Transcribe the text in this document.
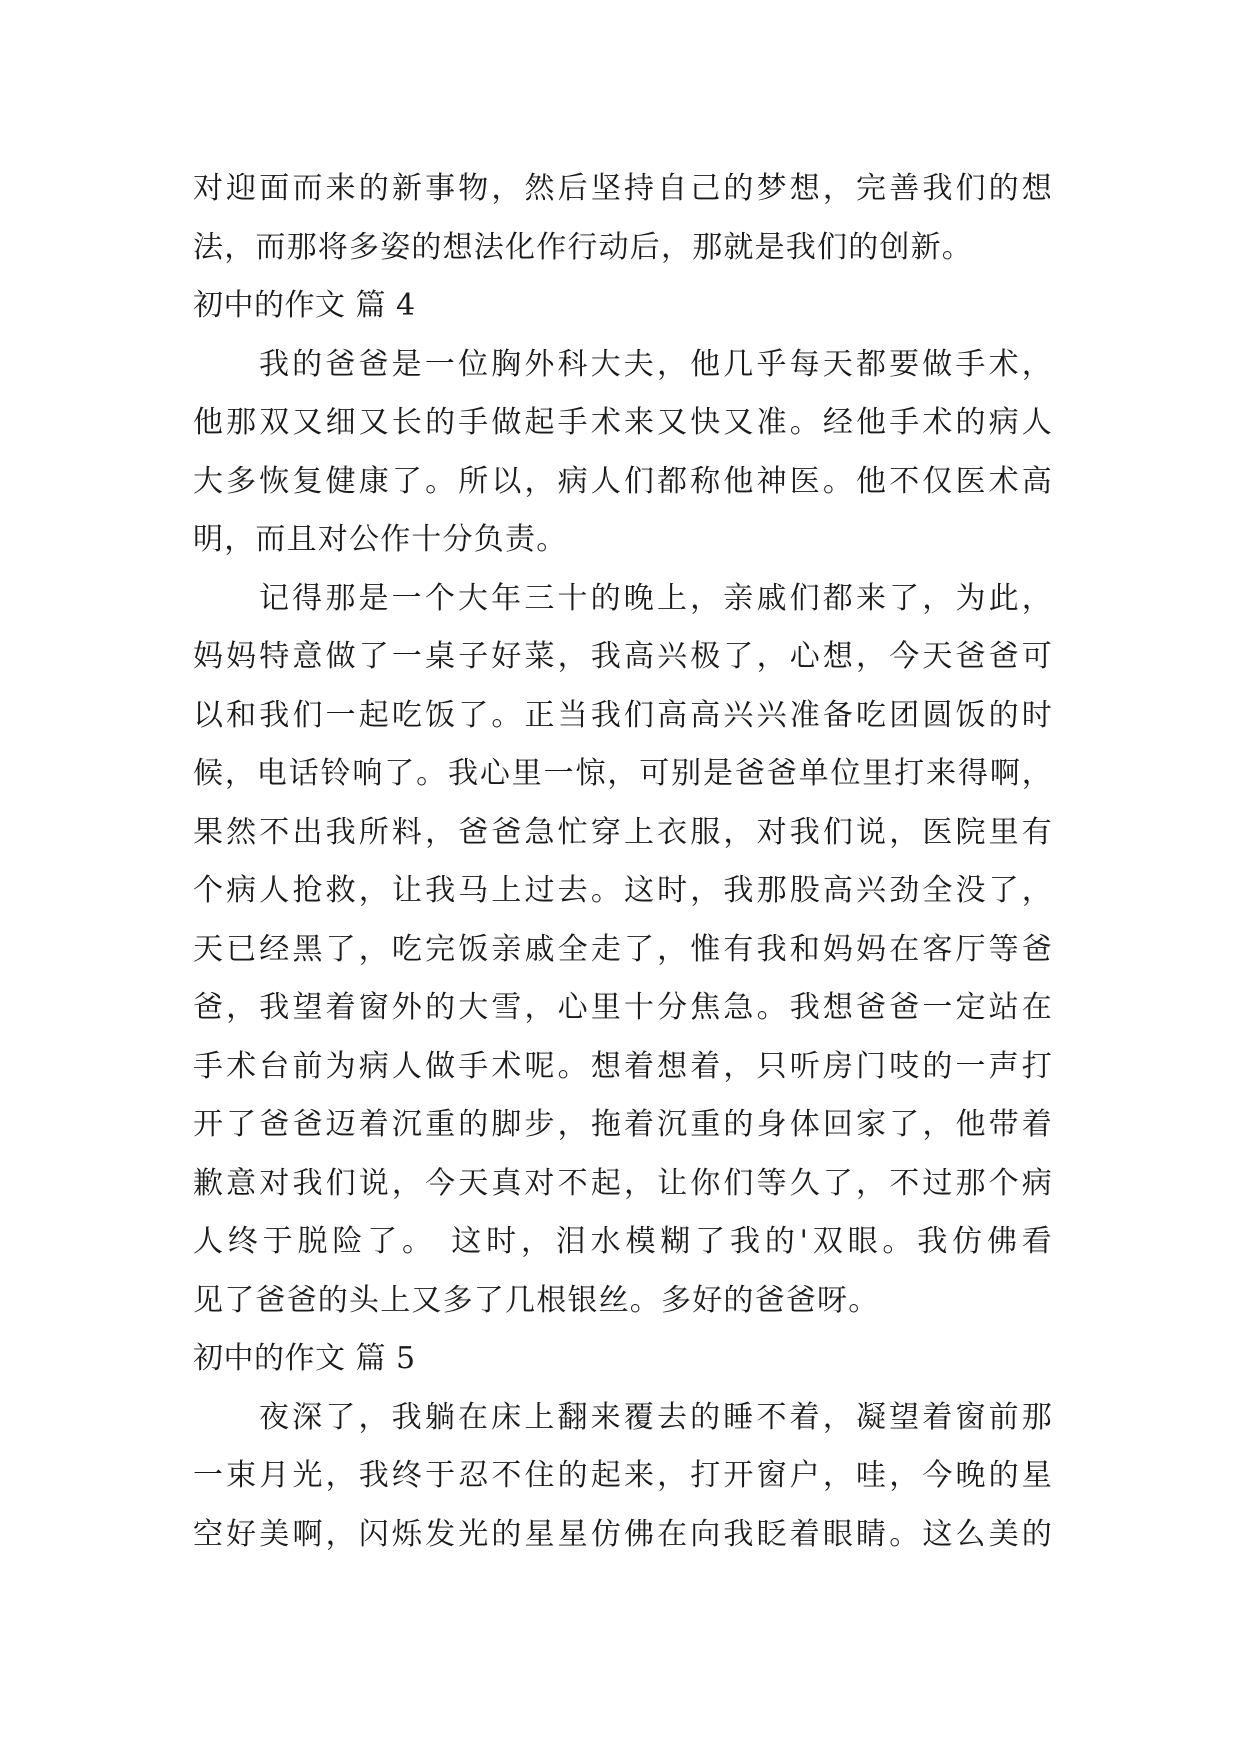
对迎面而来的新事物，然后坚持自己的梦想，完善我们的想
法，而那将多姿的想法化作行动后，那就是我们的创新。
初中的作文 篇 4
我的爸爸是一位胸外科大夫，他几乎每天都要做手术，
他那双又细又长的手做起手术来又快又准。经他手术的病人
大多恢复健康了。所以，病人们都称他神医。他不仅医术高
明，而且对公作十分负责。
记得那是一个大年三十的晚上，亲戚们都来了，为此，
妈妈特意做了一桌子好菜，我高兴极了，心想，今天爸爸可
以和我们一起吃饭了。正当我们高高兴兴准备吃团圆饭的时
候，电话铃响了。我心里一惊，可别是爸爸单位里打来得啊，
果然不出我所料，爸爸急忙穿上衣服，对我们说，医院里有
个病人抢救，让我马上过去。这时，我那股高兴劲全没了，
天已经黑了，吃完饭亲戚全走了，惟有我和妈妈在客厅等爸
爸，我望着窗外的大雪，心里十分焦急。我想爸爸一定站在
手术台前为病人做手术呢。想着想着，只听房门吱的一声打
开了爸爸迈着沉重的脚步，拖着沉重的身体回家了，他带着
歉意对我们说，今天真对不起，让你们等久了，不过那个病
人终于脱险了。 这时，泪水模糊了我的'双眼。我仿佛看
见了爸爸的头上又多了几根银丝。多好的爸爸呀。
初中的作文 篇 5
夜深了，我躺在床上翻来覆去的睡不着，凝望着窗前那
一束月光，我终于忍不住的起来，打开窗户，哇，今晚的星
空好美啊，闪烁发光的星星仿佛在向我眨着眼睛。这么美的
